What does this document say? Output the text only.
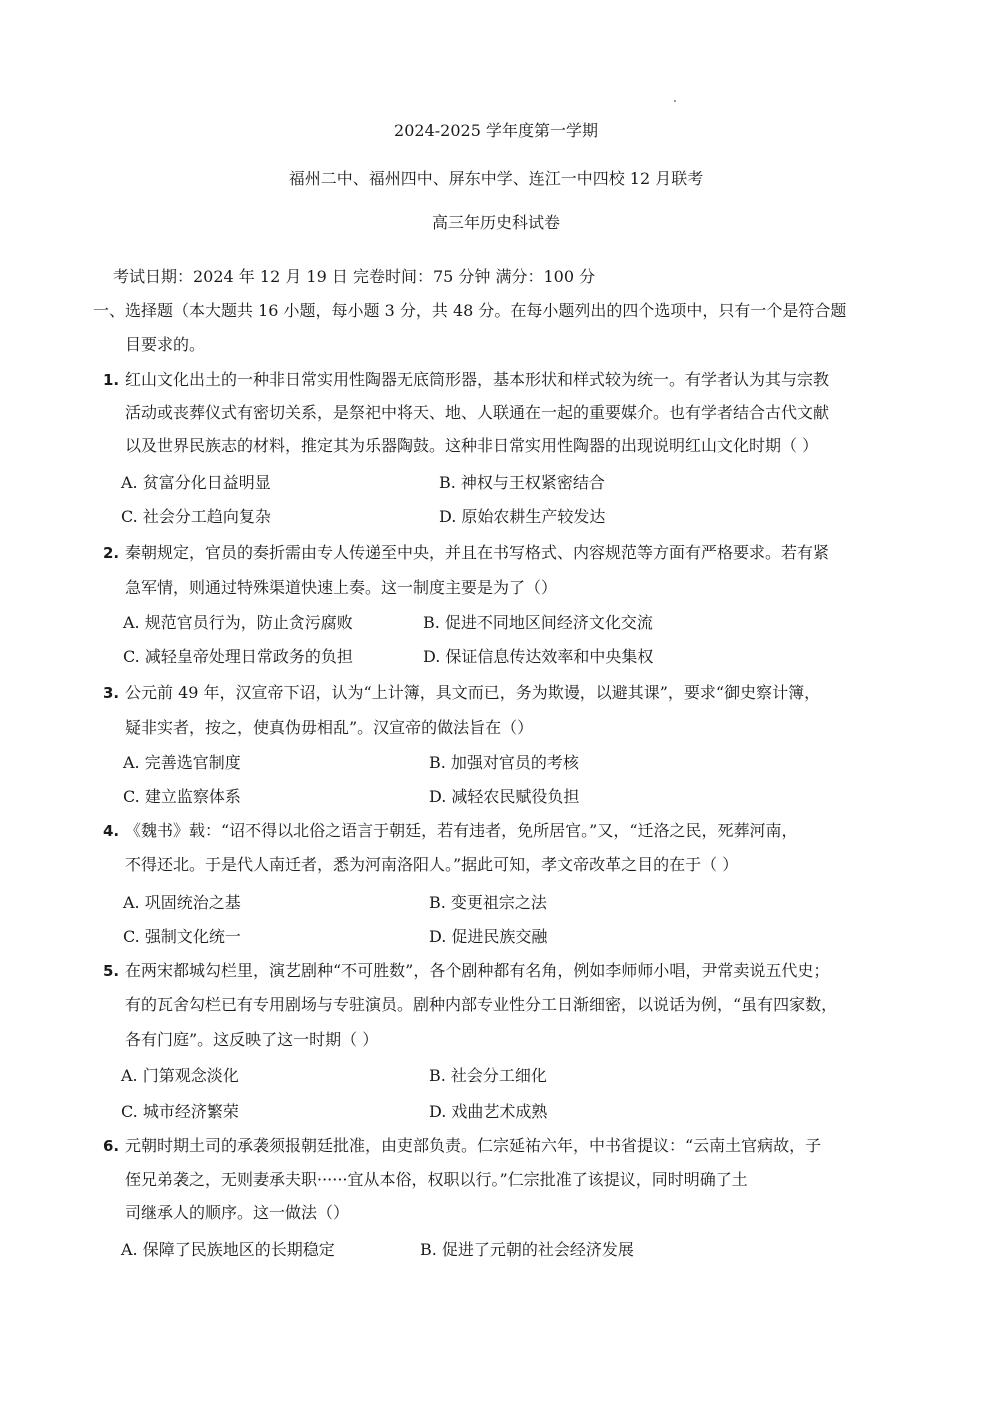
2024-2025 学年度第一学期
福州二中、福州四中、屏东中学、连江一中四校 12 月联考
高三年历史科试卷
考试日期：2024 年 12 月 19 日 完卷时间：75 分钟 满分：100 分
一、选择题（本大题共 16 小题，每小题 3 分，共 48 分。在每小题列出的四个选项中，只有一个是符合题
目要求的。
1. 红山文化出土的一种非日常实用性陶器无底筒形器，基本形状和样式较为统一。有学者认为其与宗教
活动或丧葬仪式有密切关系，是祭祀中将天、地、人联通在一起的重要媒介。也有学者结合古代文献
以及世界民族志的材料，推定其为乐器陶鼓。这种非日常实用性陶器的出现说明红山文化时期（ ）
A. 贫富分化日益明显	B. 神权与王权紧密结合
C. 社会分工趋向复杂	D. 原始农耕生产较发达
2. 秦朝规定，官员的奏折需由专人传递至中央，并且在书写格式、内容规范等方面有严格要求。若有紧
急军情，则通过特殊渠道快速上奏。这一制度主要是为了（）
A. 规范官员行为，防止贪污腐败	B. 促进不同地区间经济文化交流
C. 减轻皇帝处理日常政务的负担	D. 保证信息传达效率和中央集权
3. 公元前 49 年，汉宣帝下诏，认为“上计簿，具文而已，务为欺谩，以避其课”，要求“御史察计簿，
疑非实者，按之，使真伪毋相乱”。汉宣帝的做法旨在（）
A. 完善选官制度	B. 加强对官员的考核
C. 建立监察体系	D. 减轻农民赋役负担
4. 《魏书》载：“诏不得以北俗之语言于朝廷，若有违者，免所居官。”又，“迁洛之民，死葬河南，
不得还北。于是代人南迁者，悉为河南洛阳人。”据此可知，孝文帝改革之目的在于（ ）
A. 巩固统治之基	B. 变更祖宗之法
C. 强制文化统一	D. 促进民族交融
5. 在两宋都城勾栏里，演艺剧种“不可胜数”，各个剧种都有名角，例如李师师小唱，尹常卖说五代史；
有的瓦舍勾栏已有专用剧场与专驻演员。剧种内部专业性分工日渐细密，以说话为例，“虽有四家数，
各有门庭”。这反映了这一时期（ ）
A. 门第观念淡化	B. 社会分工细化
C. 城市经济繁荣	D. 戏曲艺术成熟
6. 元朝时期土司的承袭须报朝廷批准，由吏部负责。仁宗延祐六年，中书省提议：“云南土官病故，子
侄兄弟袭之，无则妻承夫职······宜从本俗，权职以行。”仁宗批准了该提议，同时明确了土
司继承人的顺序。这一做法（）
A. 保障了民族地区的长期稳定	B. 促进了元朝的社会经济发展
